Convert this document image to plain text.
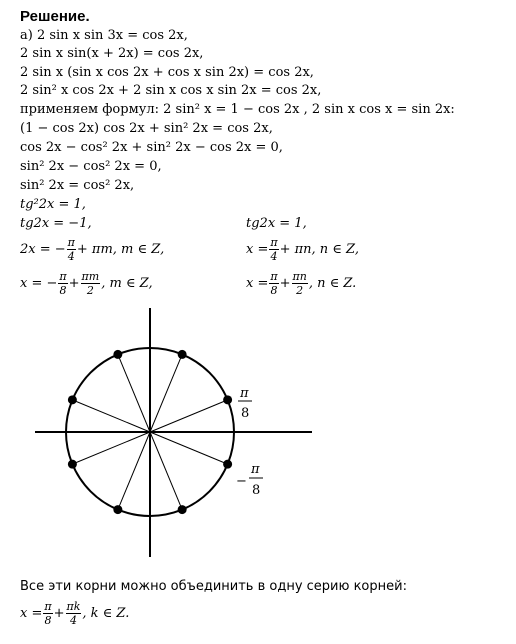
Решение.
a) 2 sin x sin 3x = cos 2x,
2 sin x sin(x + 2x) = cos 2x,
2 sin x (sin x cos 2x + cos x sin 2x) = cos 2x,
2 sin² x cos 2x + 2 sin x cos x sin 2x = cos 2x,
применяем формул: 2 sin² x = 1 − cos 2x , 2 sin x cos x = sin 2x:
(1 − cos 2x) cos 2x + sin² 2x = cos 2x,
cos 2x − cos² 2x + sin² 2x − cos 2x = 0,
sin² 2x − cos² 2x = 0,
sin² 2x = cos² 2x,
tg²2x = 1,
tg2x = −1,
2x = − $\frac{\pi}{4} + \pi m$, m ∈ Z,
x = − $\frac{\pi}{8} + \frac{\pi m}{2}$ , m ∈ Z,
tg2x = 1,
$x = \frac{\pi}{4} + \pi n$, n ∈ Z,
$x = \frac{\pi}{8} + \frac{\pi n}{2}$ , n ∈ Z.
π
8
−
π
8
Все эти корни можно объединить в одну серию корней:
$x = \frac{\pi}{8} + \frac{\pi k}{4}$ , k ∈ Z.
